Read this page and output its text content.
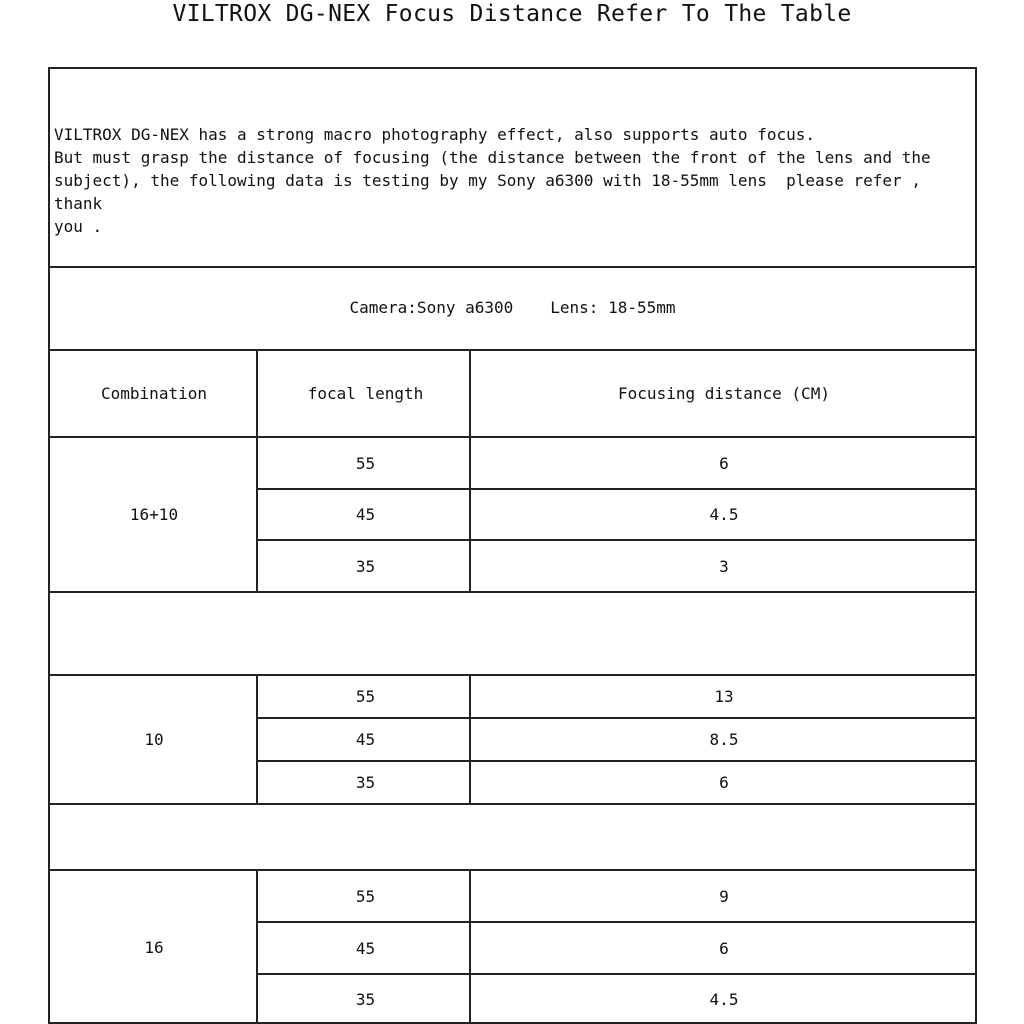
VILTROX DG-NEX Focus Distance Refer To The Table
VILTROX DG-NEX has a strong macro photography effect, also supports auto focus.
But must grasp the distance of focusing (the distance between the front of the lens and the
subject), the following data is testing by my Sony a6300 with 18-55mm lens  please refer , thank
you .
Camera:Sony a6300 Lens: 18-55mm
Combination	focal length	Focusing distance (CM)
16+10
55	6
45	4.5
35	3
10
55	13
45	8.5
35	6
16
55	9
45	6
35	4.5
